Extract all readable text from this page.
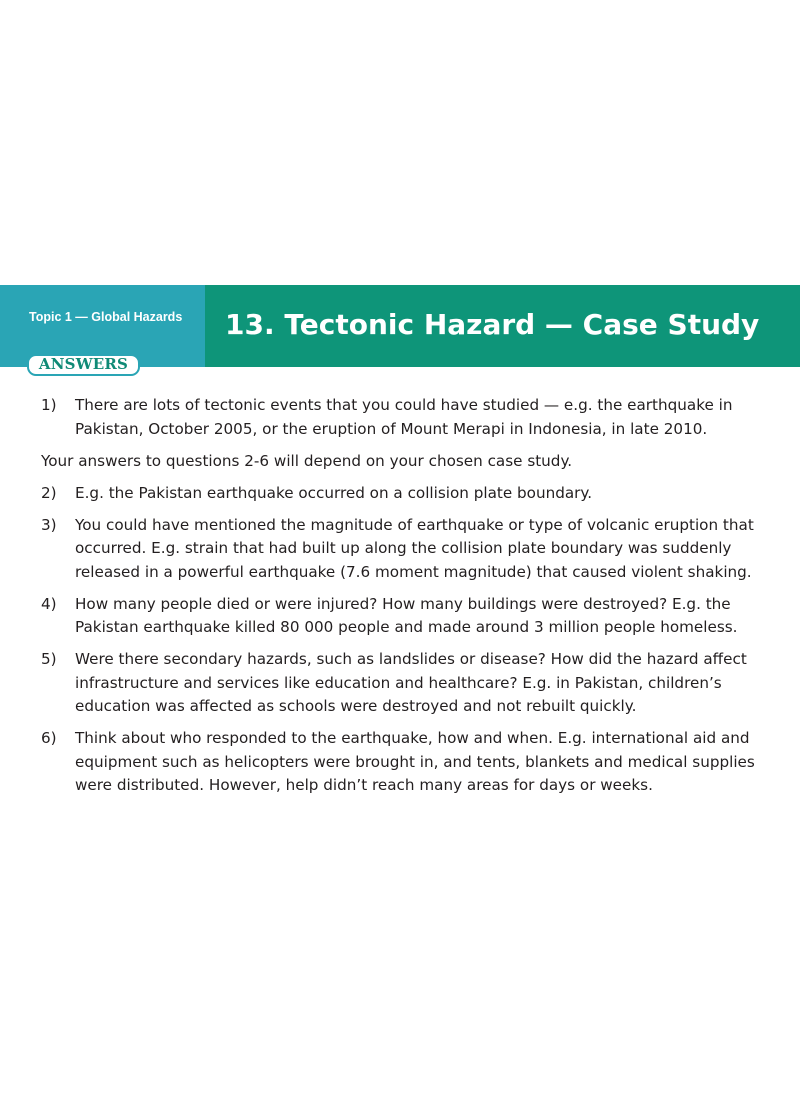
Topic 1 — Global Hazards
ANSWERS
13. Tectonic Hazard — Case Study
1)	There are lots of tectonic events that you could have studied — e.g. the earthquake in Pakistan, October 2005, or the eruption of Mount Merapi in Indonesia, in late 2010.
Your answers to questions 2-6 will depend on your chosen case study.
2)	E.g. the Pakistan earthquake occurred on a collision plate boundary.
3)	You could have mentioned the magnitude of earthquake or type of volcanic eruption that occurred. E.g. strain that had built up along the collision plate boundary was suddenly released in a powerful earthquake (7.6 moment magnitude) that caused violent shaking.
4)	How many people died or were injured? How many buildings were destroyed? E.g. the Pakistan earthquake killed 80 000 people and made around 3 million people homeless.
5)	Were there secondary hazards, such as landslides or disease? How did the hazard affect infrastructure and services like education and healthcare? E.g. in Pakistan, children’s education was affected as schools were destroyed and not rebuilt quickly.
6)	Think about who responded to the earthquake, how and when. E.g. international aid and equipment such as helicopters were brought in, and tents, blankets and medical supplies were distributed. However, help didn’t reach many areas for days or weeks.
